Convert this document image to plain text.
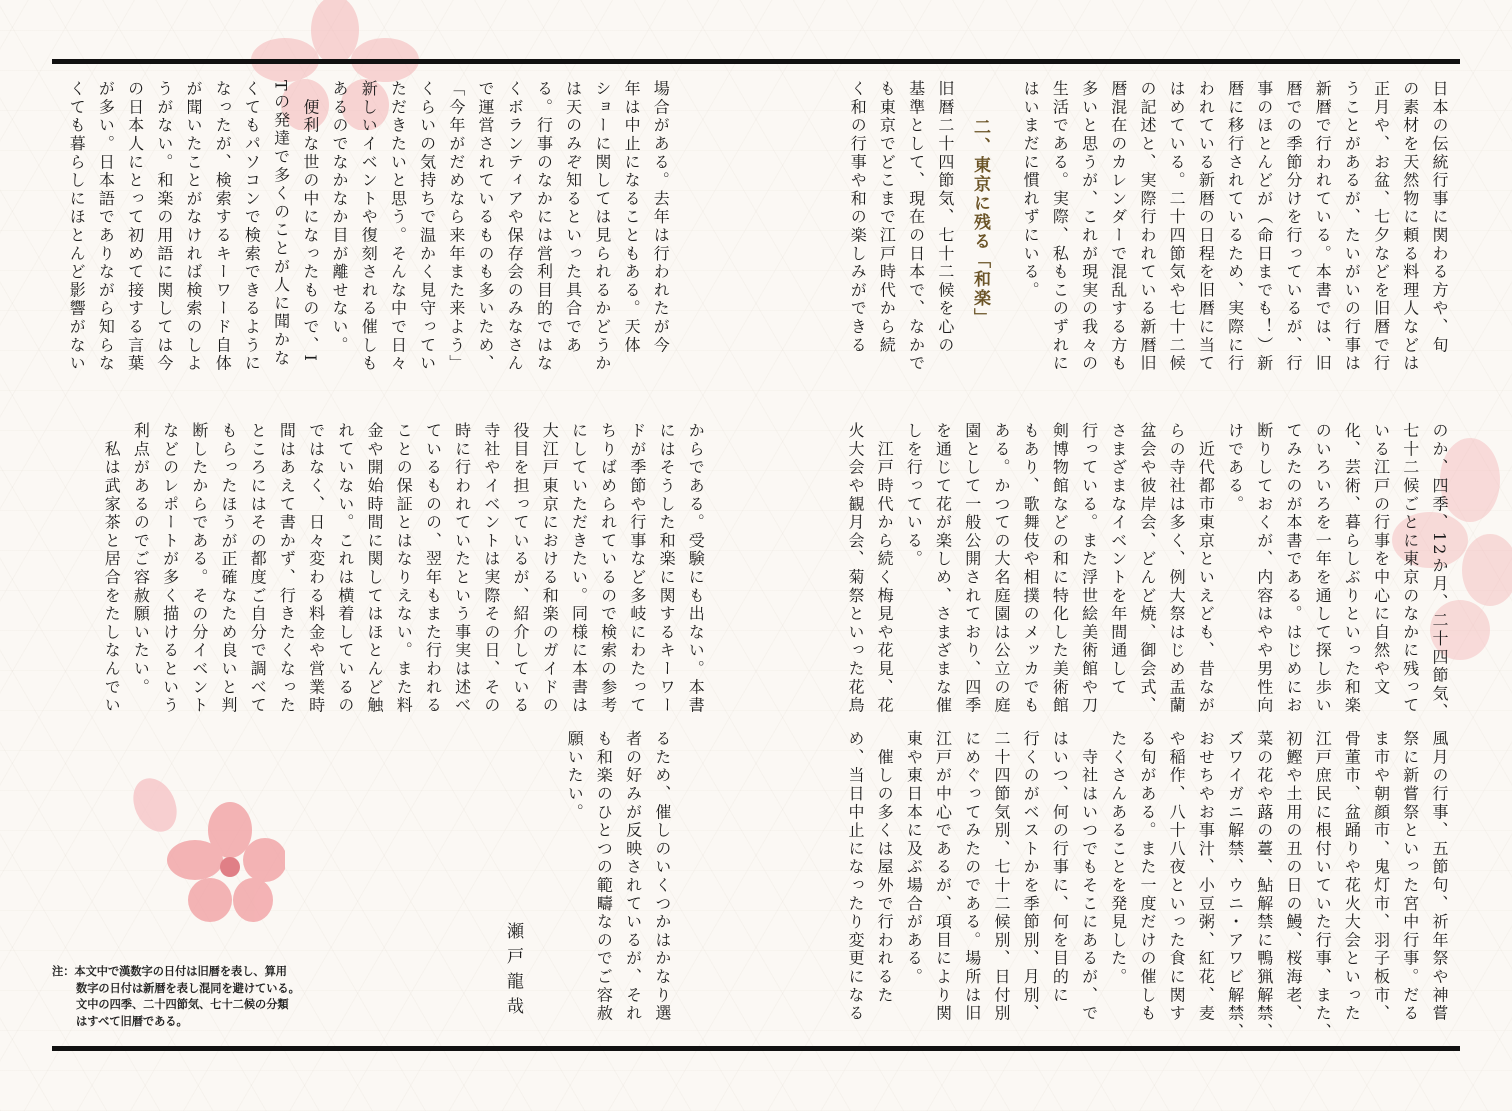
日本の伝統行事に関わる方や、旬
の素材を天然物に頼る料理人などは
正月や、お盆、七夕などを旧暦で行
うことがあるが、たいがいの行事は
新暦で行われている。本書では、旧
暦での季節分けを行っているが、行
事のほとんどが（命日までも！）新
暦に移行されているため、実際に行
われている新暦の日程を旧暦に当て
はめている。二十四節気や七十二候
の記述と、実際行われている新暦旧
暦混在のカレンダーで混乱する方も
多いと思うが、これが現実の我々の
生活である。実際、私もこのずれに
はいまだに慣れずにいる。
二、東京に残る「和楽」
旧暦二十四節気、七十二候を心の
基準として、現在の日本で、なかで
も東京でどこまで江戸時代から続
く和の行事や和の楽しみができる
のか、四季、12か月、二十四節気、
七十二候ごとに東京のなかに残って
いる江戸の行事を中心に自然や文
化、芸術、暮らしぶりといった和楽
のいろいろを一年を通して探し歩い
てみたのが本書である。はじめにお
断りしておくが、内容はやや男性向
けである。
　近代都市東京といえども、昔なが
らの寺社は多く、例大祭はじめ盂蘭
盆会や彼岸会、どんど焼、御会式、
さまざまなイベントを年間通して
行っている。また浮世絵美術館や刀
剣博物館などの和に特化した美術館
もあり、歌舞伎や相撲のメッカでも
ある。かつての大名庭園は公立の庭
園として一般公開されており、四季
を通じて花が楽しめ、さまざまな催
しを行っている。
　江戸時代から続く梅見や花見、花
火大会や観月会、菊祭といった花鳥
風月の行事、五節句、祈年祭や神嘗
祭に新嘗祭といった宮中行事。だる
ま市や朝顔市、鬼灯市、羽子板市、
骨董市、盆踊りや花火大会といった
江戸庶民に根付いていた行事、また、
初鰹や土用の丑の日の鰻、桜海老、
菜の花や蕗の薹、鮎解禁に鴨猟解禁、
ズワイガニ解禁、ウニ・アワビ解禁、
おせちやお事汁、小豆粥、紅花、麦
や稲作、八十八夜といった食に関す
る旬がある。また一度だけの催しも
たくさんあることを発見した。
　寺社はいつでもそこにあるが、で
はいつ、何の行事に、何を目的に
行くのがベストかを季節別、月別、
二十四節気別、七十二候別、日付別
にめぐってみたのである。場所は旧
江戸が中心であるが、項目により関
東や東日本に及ぶ場合がある。
　催しの多くは屋外で行われるた
め、当日中止になったり変更になる
場合がある。去年は行われたが今
年は中止になることもある。天体
ショーに関しては見られるかどうか
は天のみぞ知るといった具合であ
る。行事のなかには営利目的ではな
くボランティアや保存会のみなさん
で運営されているものも多いため、
「今年がだめなら来年また来よう」
くらいの気持ちで温かく見守ってい
ただきたいと思う。そんな中で日々
新しいイベントや復刻される催しも
あるのでなかなか目が離せない。
　便利な世の中になったもので、I
Tの発達で多くのことが人に聞かな
くてもパソコンで検索できるように
なったが、検索するキーワード自体
が聞いたことがなければ検索のしよ
うがない。和楽の用語に関しては今
の日本人にとって初めて接する言葉
が多い。日本語でありながら知らな
くても暮らしにほとんど影響がない
からである。受験にも出ない。本書
にはそうした和楽に関するキーワー
ドが季節や行事など多岐にわたって
ちりばめられているので検索の参考
にしていただきたい。同様に本書は
大江戸東京における和楽のガイドの
役目を担っているが、紹介している
寺社やイベントは実際その日、その
時に行われていたという事実は述べ
ているものの、翌年もまた行われる
ことの保証とはなりえない。また料
金や開始時間に関してはほとんど触
れていない。これは横着しているの
ではなく、日々変わる料金や営業時
間はあえて書かず、行きたくなった
ところにはその都度ご自分で調べて
もらったほうが正確なため良いと判
断したからである。その分イベント
などのレポートが多く描けるという
利点があるのでご容赦願いたい。
　私は武家茶と居合をたしなんでい
るため、催しのいくつかはかなり選
者の好みが反映されているが、それ
も和楽のひとつの範疇なのでご容赦
願いたい。
瀬戸龍哉
注：本文中で漢数字の日付は旧暦を表し、算用
数字の日付は新暦を表し混同を避けている。
文中の四季、二十四節気、七十二候の分類
はすべて旧暦である。
